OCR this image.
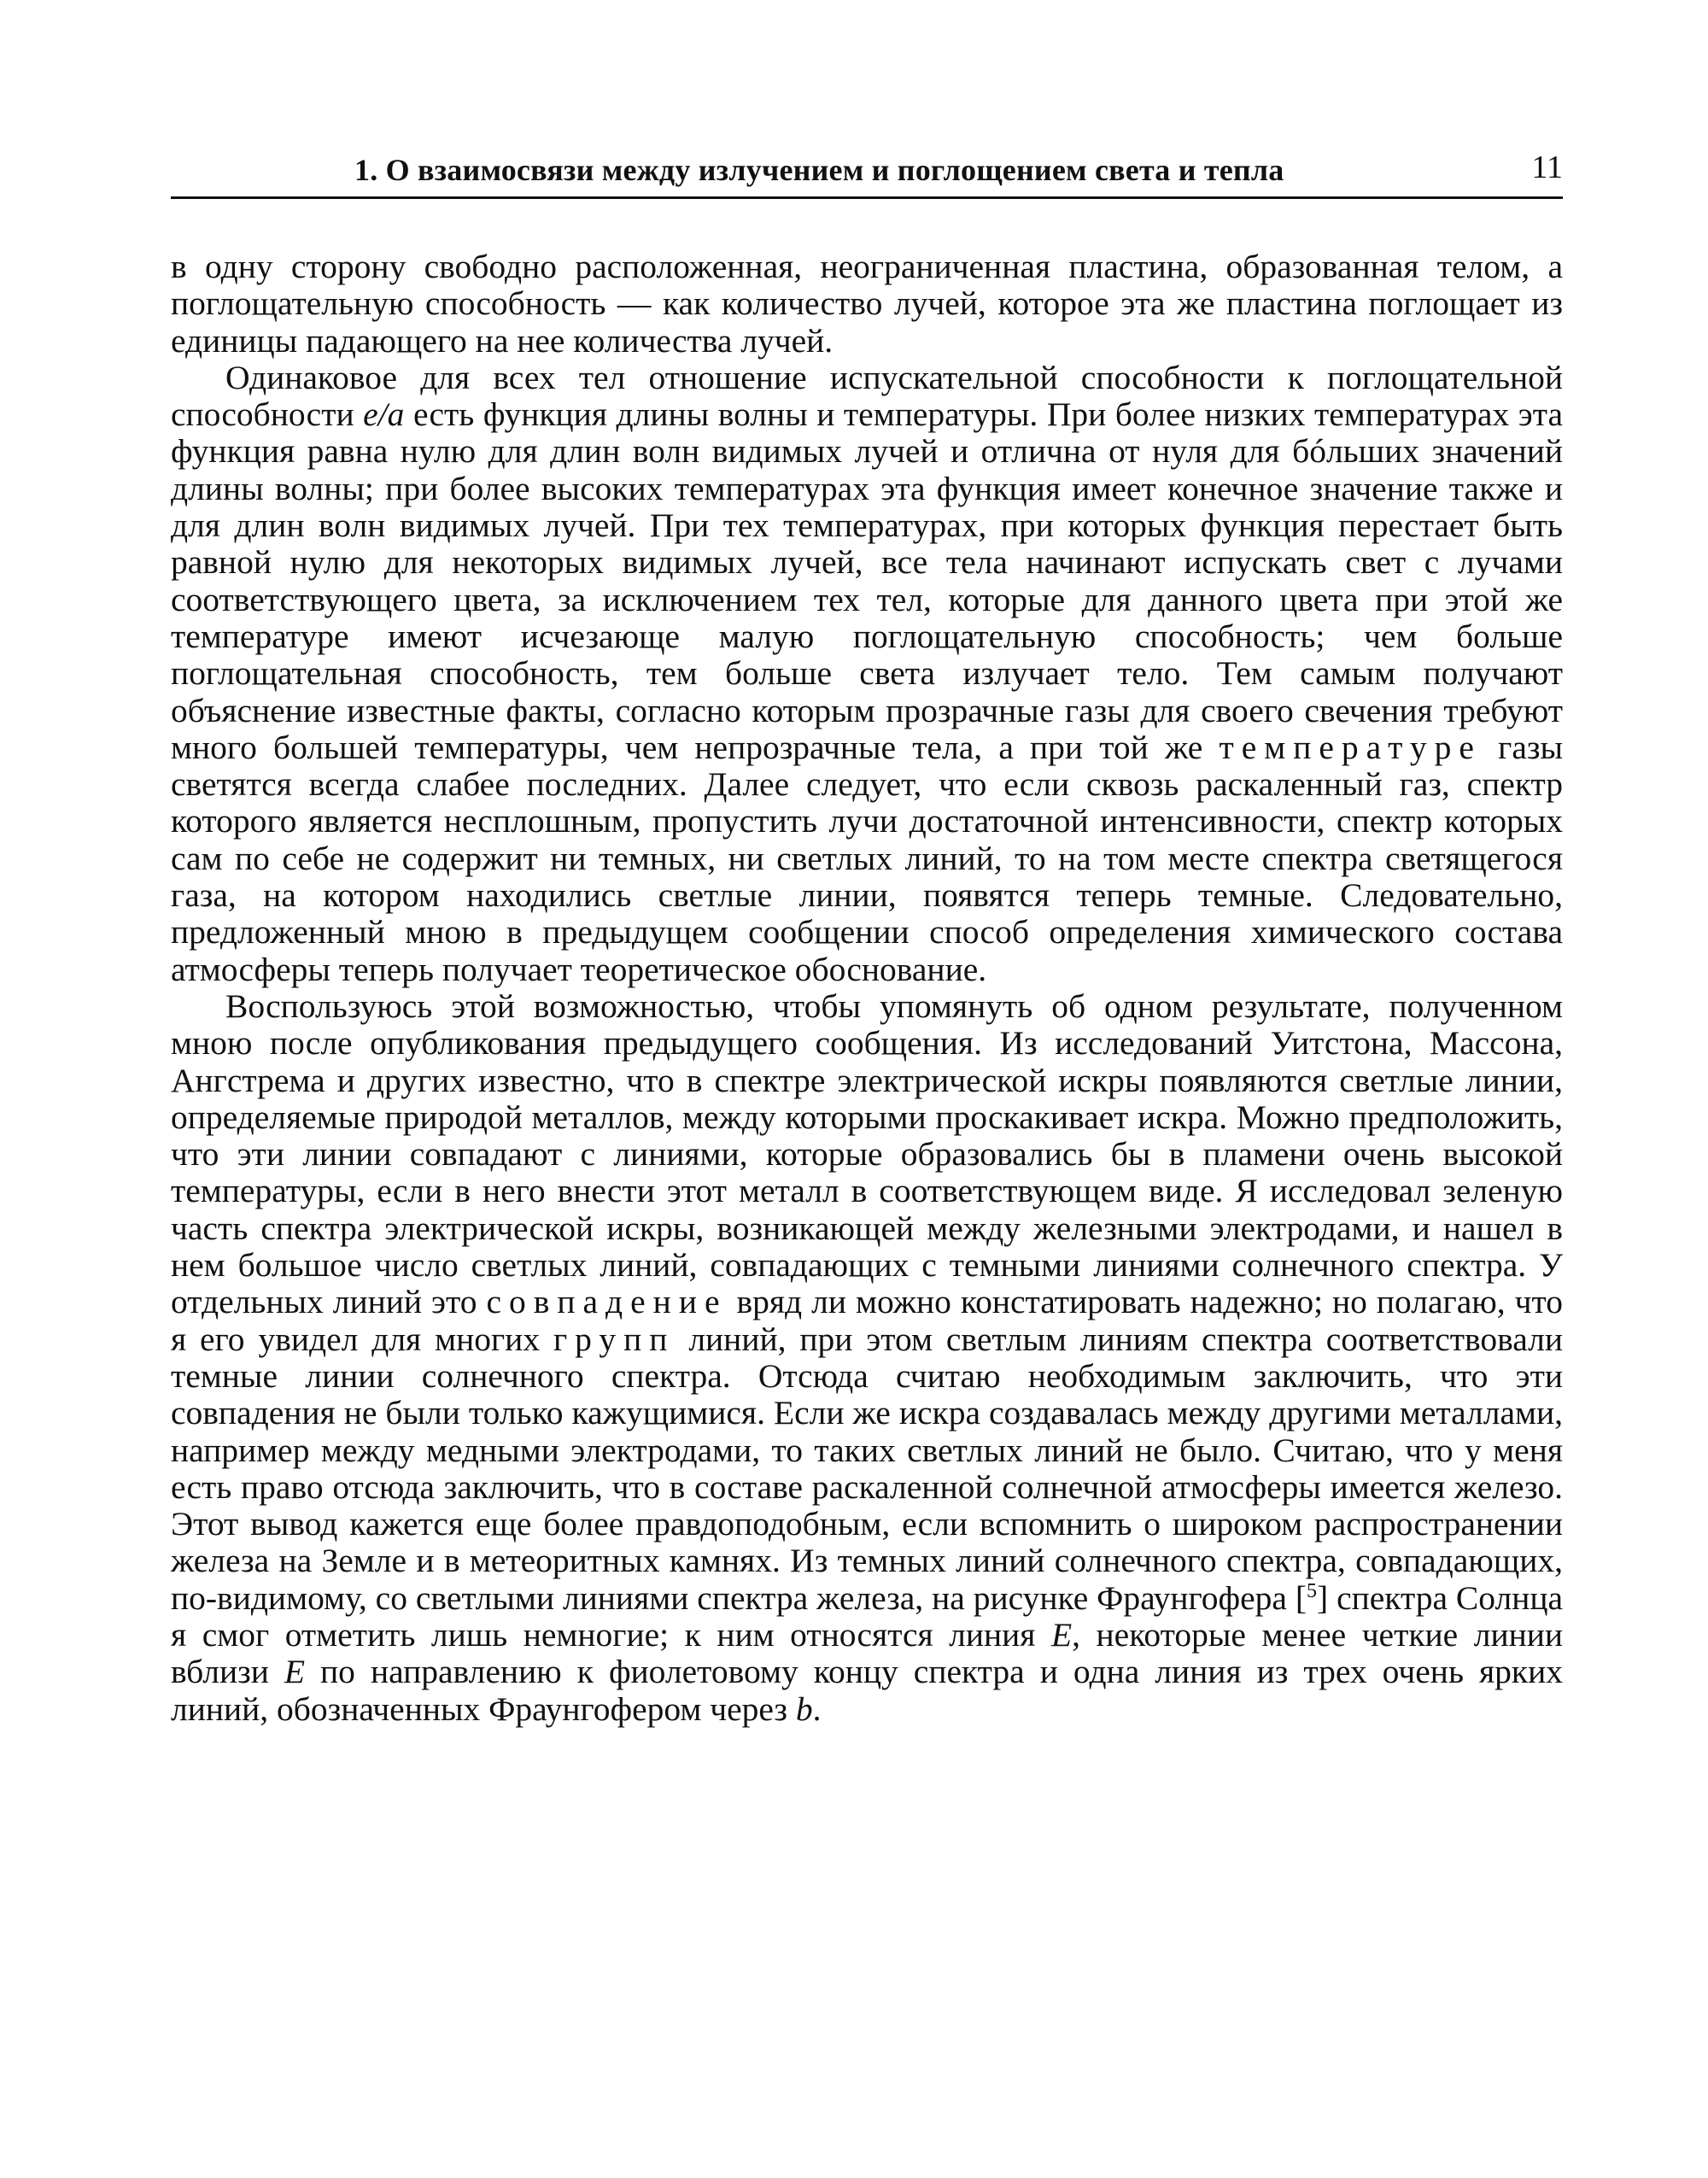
1. О взаимосвязи между излучением и поглощением света и тепла	11

в одну сторону свободно расположенная, неограниченная пластина, образованная телом, а поглощательную способность — как количество лучей, которое эта же пластина поглощает из единицы падающего на нее количества лучей.

Одинаковое для всех тел отношение испускательной способности к поглощательной способности e/a есть функция длины волны и температуры. При более низких температурах эта функция равна нулю для длин волн видимых лучей и отлична от нуля для бóльших значений длины волны; при более высоких температурах эта функция имеет конечное значение также и для длин волн видимых лучей. При тех температурах, при которых функция перестает быть равной нулю для некоторых видимых лучей, все тела начинают испускать свет с лучами соответствующего цвета, за исключением тех тел, которые для данного цвета при этой же температуре имеют исчезающе малую поглощательную способность; чем больше поглощательная способность, тем больше света излучает тело. Тем самым получают объяснение известные факты, согласно которым прозрачные газы для своего свечения требуют много большей температуры, чем непрозрачные тела, а при той же температуре газы светятся всегда слабее последних. Далее следует, что если сквозь раскаленный газ, спектр которого является несплошным, пропустить лучи достаточной интенсивности, спектр которых сам по себе не содержит ни темных, ни светлых линий, то на том месте спектра светящегося газа, на котором находились светлые линии, появятся теперь темные. Следовательно, предложенный мною в предыдущем сообщении способ определения химического состава атмосферы теперь получает теоретическое обоснование.

Воспользуюсь этой возможностью, чтобы упомянуть об одном результате, полученном мною после опубликования предыдущего сообщения. Из исследований Уитстона, Массона, Ангстрема и других известно, что в спектре электрической искры появляются светлые линии, определяемые природой металлов, между которыми проскакивает искра. Можно предположить, что эти линии совпадают с линиями, которые образовались бы в пламени очень высокой температуры, если в него внести этот металл в соответствующем виде. Я исследовал зеленую часть спектра электрической искры, возникающей между железными электродами, и нашел в нем большое число светлых линий, совпадающих с темными линиями солнечного спектра. У отдельных линий это совпадение вряд ли можно констатировать надежно; но полагаю, что я его увидел для многих групп линий, при этом светлым линиям спектра соответствовали темные линии солнечного спектра. Отсюда считаю необходимым заключить, что эти совпадения не были только кажущимися. Если же искра создавалась между другими металлами, например между медными электродами, то таких светлых линий не было. Считаю, что у меня есть право отсюда заключить, что в составе раскаленной солнечной атмосферы имеется железо. Этот вывод кажется еще более правдоподобным, если вспомнить о широком распространении железа на Земле и в метеоритных камнях. Из темных линий солнечного спектра, совпадающих, по-видимому, со светлыми линиями спектра железа, на рисунке Фраунгофера [$^5$] спектра Солнца я смог отметить лишь немногие; к ним относятся линия E, некоторые менее четкие линии вблизи E по направлению к фиолетовому концу спектра и одна линия из трех очень ярких линий, обозначенных Фраунгофером через b.
